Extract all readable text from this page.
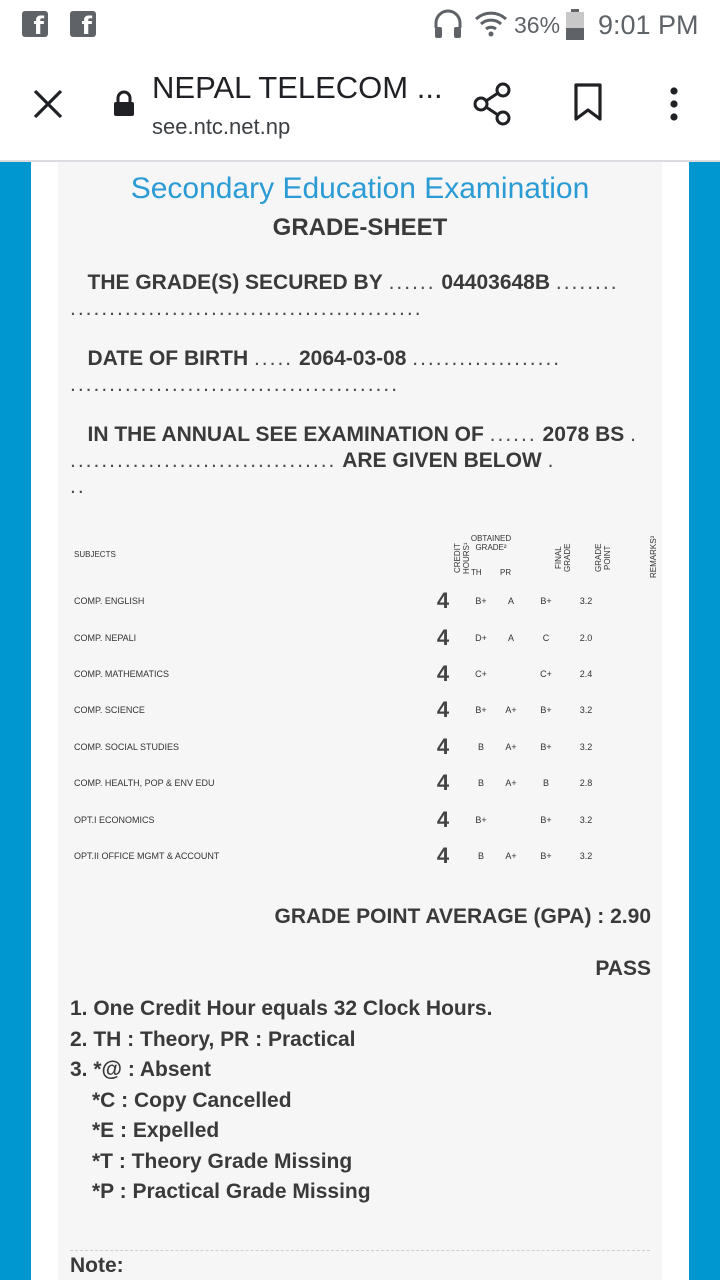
f	f	36% 9:01 PM
NEPAL TELECOM ...
see.ntc.net.np
Secondary Education Examination
GRADE-SHEET
THE GRADE(S) SECURED BY ...... 04403648B ........
.............................................
DATE OF BIRTH ..... 2064-03-08 ...................
..........................................
IN THE ANNUAL SEE EXAMINATION OF ...... 2078 BS .
.................................. ARE GIVEN BELOW .
..
SUBJECTS	CREDIT HOURS¹
OBTAINED GRADE²
TH PR
FINAL GRADE	GRADE POINT	REMARKS³
COMP. ENGLISH	4	B+	A	B+	3.2	
COMP. NEPALI	4	D+	A	C	2.0	
COMP. MATHEMATICS	4	C+		C+	2.4	
COMP. SCIENCE	4	B+	A+	B+	3.2	
COMP. SOCIAL STUDIES	4	B	A+	B+	3.2	
COMP. HEALTH, POP & ENV EDU	4	B	A+	B	2.8	
OPT.I ECONOMICS	4	B+		B+	3.2	
OPT.II OFFICE MGMT & ACCOUNT	4	B	A+	B+	3.2	
GRADE POINT AVERAGE (GPA) : 2.90
PASS
1. One Credit Hour equals 32 Clock Hours.
2. TH : Theory, PR : Practical
3. *@ : Absent
*C : Copy Cancelled
*E : Expelled
*T : Theory Grade Missing
*P : Practical Grade Missing
Note:
